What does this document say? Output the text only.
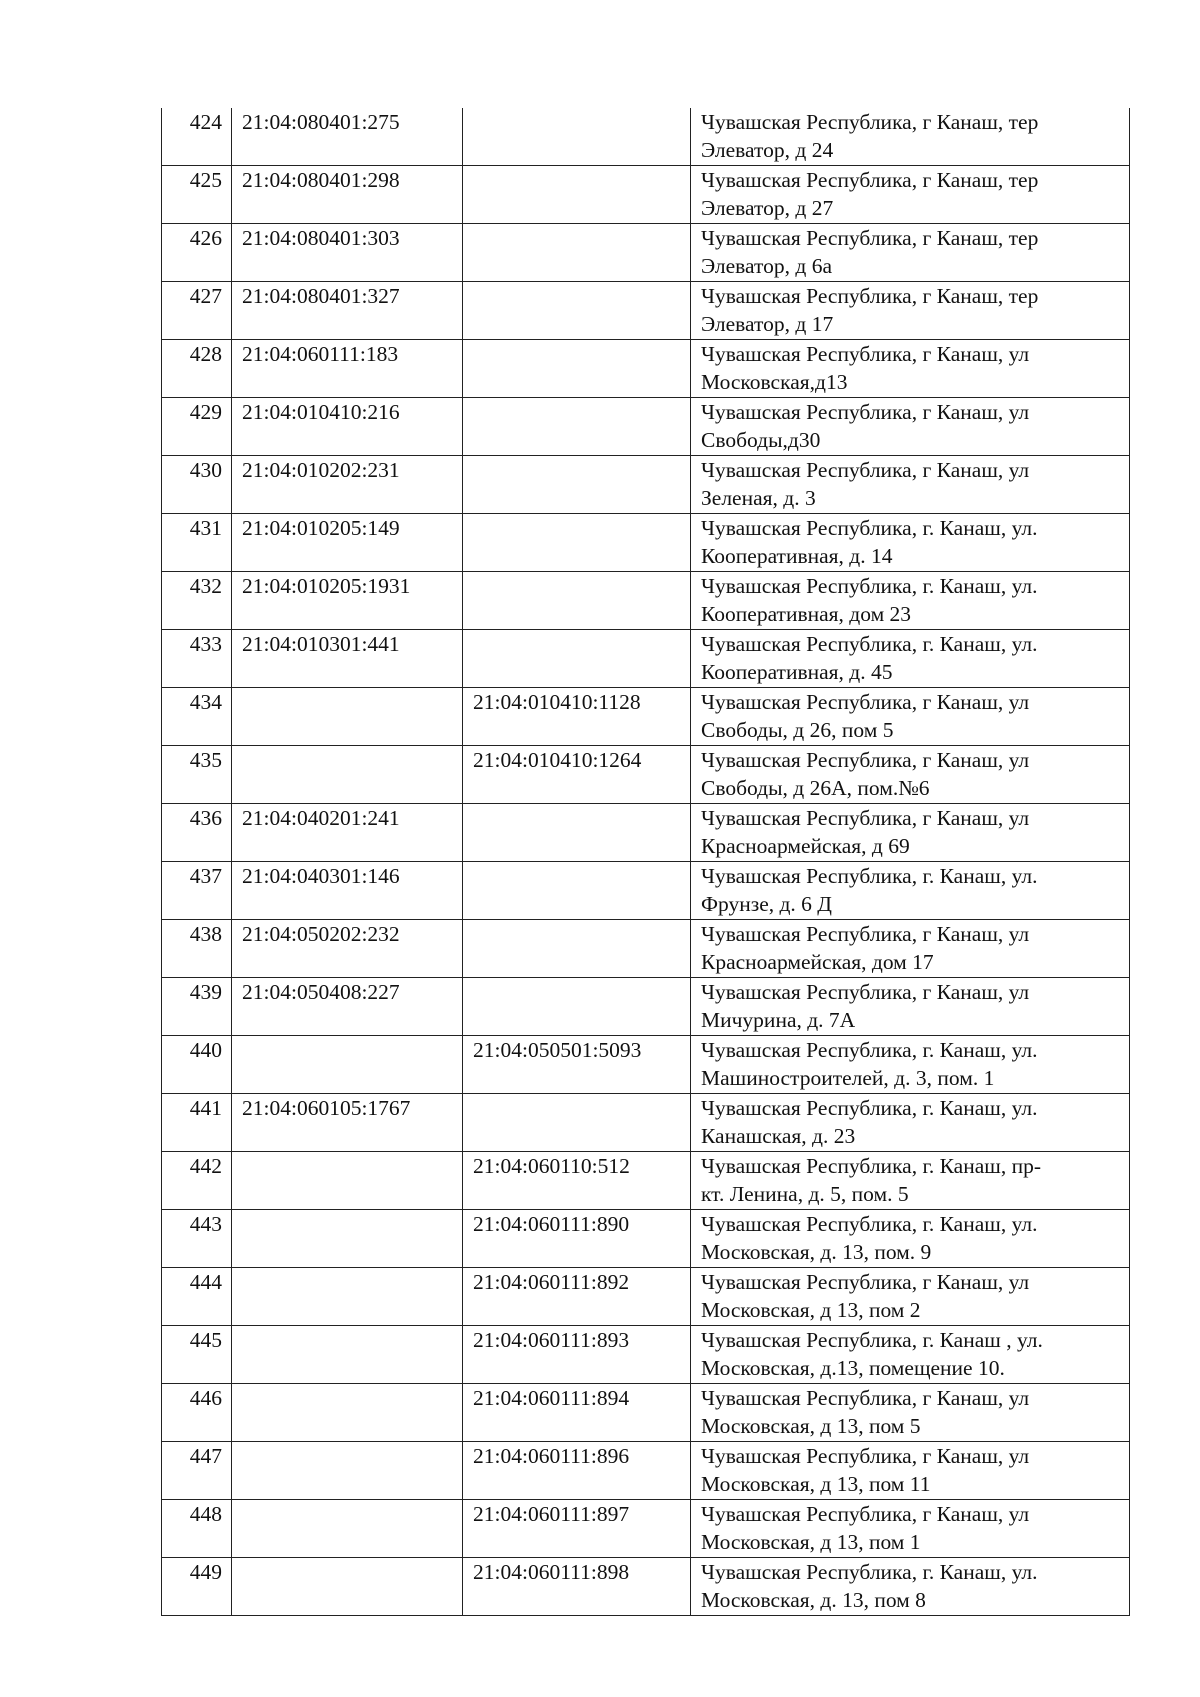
424	21:04:080401:275		Чувашская Республика, г Канаш, тер
Элеватор, д 24

425	21:04:080401:298		Чувашская Республика, г Канаш, тер
Элеватор, д 27

426	21:04:080401:303		Чувашская Республика, г Канаш, тер
Элеватор, д 6а

427	21:04:080401:327		Чувашская Республика, г Канаш, тер
Элеватор, д 17

428	21:04:060111:183		Чувашская Республика, г Канаш, ул
Московская,д13

429	21:04:010410:216		Чувашская Республика, г Канаш, ул
Свободы,д30

430	21:04:010202:231		Чувашская Республика, г Канаш, ул
Зеленая, д. 3

431	21:04:010205:149		Чувашская Республика, г. Канаш, ул.
Кооперативная, д. 14

432	21:04:010205:1931		Чувашская Республика, г. Канаш, ул.
Кооперативная, дом 23

433	21:04:010301:441		Чувашская Республика, г. Канаш, ул.
Кооперативная, д. 45

434		21:04:010410:1128	Чувашская Республика, г Канаш, ул
Свободы, д 26, пом 5

435		21:04:010410:1264	Чувашская Республика, г Канаш, ул
Свободы, д 26А, пом.№6

436	21:04:040201:241		Чувашская Республика, г Канаш, ул
Красноармейская, д 69

437	21:04:040301:146		Чувашская Республика, г. Канаш, ул.
Фрунзе, д. 6 Д

438	21:04:050202:232		Чувашская Республика, г Канаш, ул
Красноармейская, дом 17

439	21:04:050408:227		Чувашская Республика, г Канаш, ул
Мичурина, д. 7А

440		21:04:050501:5093	Чувашская Республика, г. Канаш, ул.
Машиностроителей, д. 3, пом. 1

441	21:04:060105:1767		Чувашская Республика, г. Канаш, ул.
Канашская, д. 23

442		21:04:060110:512	Чувашская Республика, г. Канаш, пр-
кт. Ленина, д. 5, пом. 5

443		21:04:060111:890	Чувашская Республика, г. Канаш, ул.
Московская, д. 13, пом. 9

444		21:04:060111:892	Чувашская Республика, г Канаш, ул
Московская, д 13, пом 2

445		21:04:060111:893	Чувашская Республика, г. Канаш , ул.
Московская, д.13, помещение 10.

446		21:04:060111:894	Чувашская Республика, г Канаш, ул
Московская, д 13, пом 5

447		21:04:060111:896	Чувашская Республика, г Канаш, ул
Московская, д 13, пом 11

448		21:04:060111:897	Чувашская Республика, г Канаш, ул
Московская, д 13, пом 1

449		21:04:060111:898	Чувашская Республика, г. Канаш, ул.
Московская, д. 13, пом 8
